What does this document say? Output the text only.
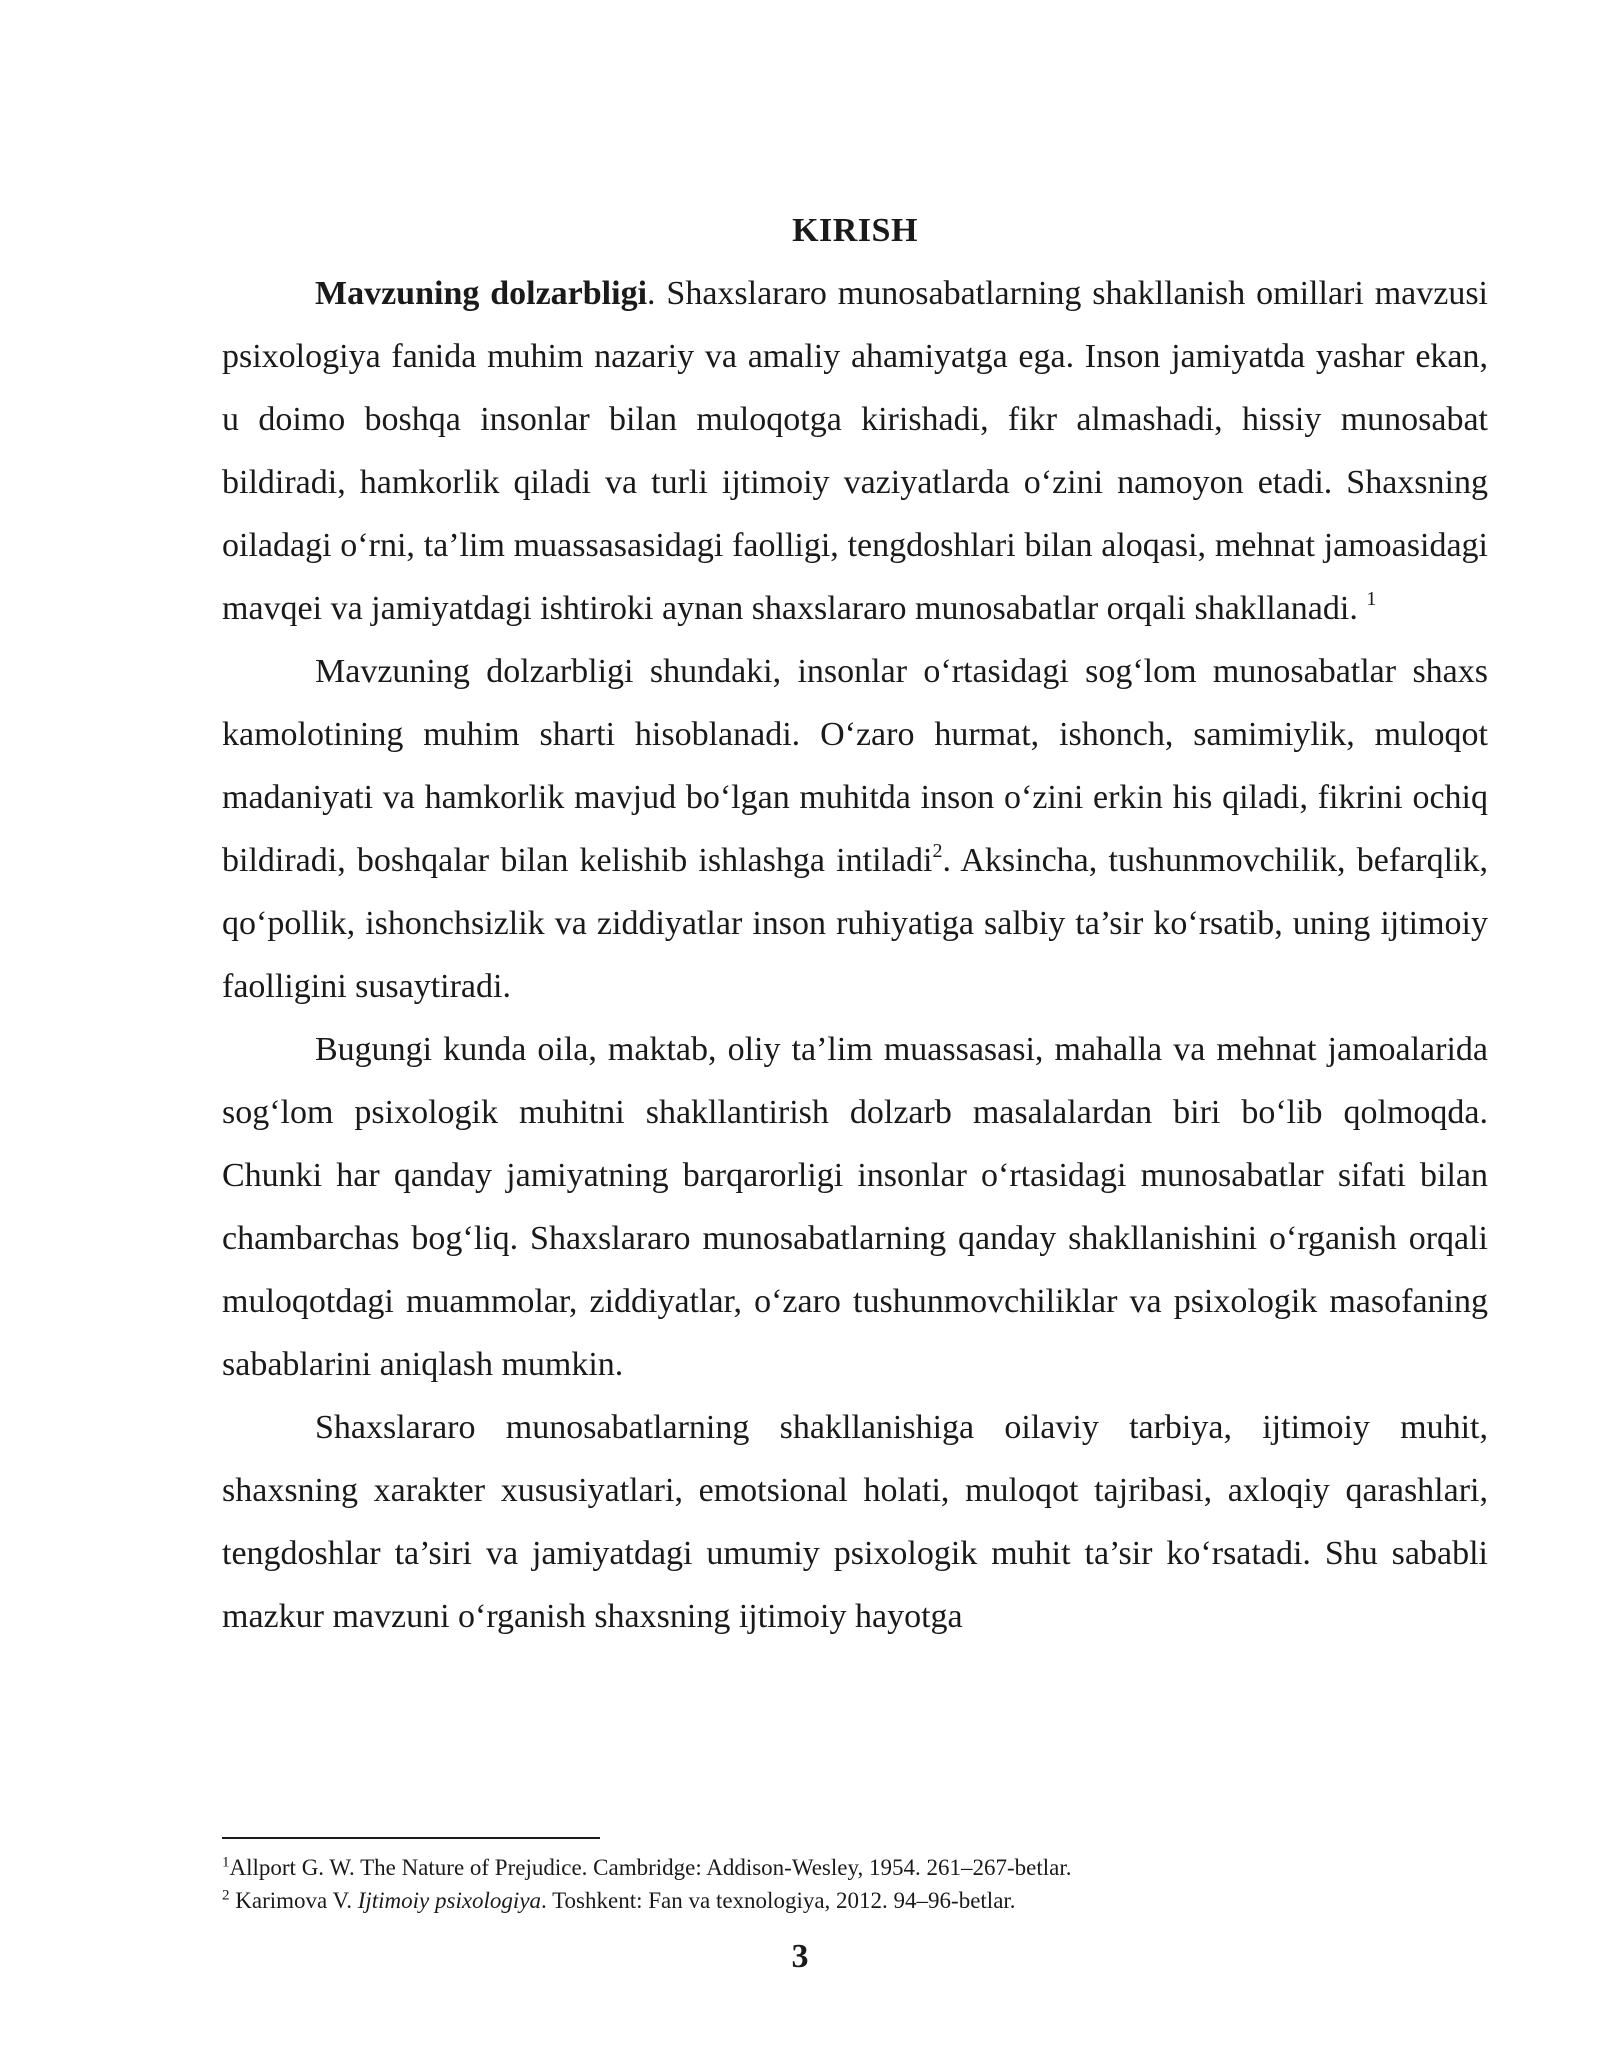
KIRISH

Mavzuning dolzarbligi. Shaxslararo munosabatlarning shakllanish omillari mavzusi psixologiya fanida muhim nazariy va amaliy ahamiyatga ega. Inson jamiyatda yashar ekan, u doimo boshqa insonlar bilan muloqotga kirishadi, fikr almashadi, hissiy munosabat bildiradi, hamkorlik qiladi va turli ijtimoiy vaziyatlarda o‘zini namoyon etadi. Shaxsning oiladagi o‘rni, ta’lim muassasasidagi faolligi, tengdoshlari bilan aloqasi, mehnat jamoasidagi mavqei va jamiyatdagi ishtiroki aynan shaxslararo munosabatlar orqali shakllanadi. $^1$

Mavzuning dolzarbligi shundaki, insonlar o‘rtasidagi sog‘lom munosabatlar shaxs kamolotining muhim sharti hisoblanadi. O‘zaro hurmat, ishonch, samimiylik, muloqot madaniyati va hamkorlik mavjud bo‘lgan muhitda inson o‘zini erkin his qiladi, fikrini ochiq bildiradi, boshqalar bilan kelishib ishlashga intiladi$^2$. Aksincha, tushunmovchilik, befarqlik, qo‘pollik, ishonchsizlik va ziddiyatlar inson ruhiyatiga salbiy ta’sir ko‘rsatib, uning ijtimoiy faolligini susaytiradi.

Bugungi kunda oila, maktab, oliy ta’lim muassasasi, mahalla va mehnat jamoalarida sog‘lom psixologik muhitni shakllantirish dolzarb masalalardan biri bo‘lib qolmoqda. Chunki har qanday jamiyatning barqarorligi insonlar o‘rtasidagi munosabatlar sifati bilan chambarchas bog‘liq. Shaxslararo munosabatlarning qanday shakllanishini o‘rganish orqali muloqotdagi muammolar, ziddiyatlar, o‘zaro tushunmovchiliklar va psixologik masofaning sabablarini aniqlash mumkin.

Shaxslararo munosabatlarning shakllanishiga oilaviy tarbiya, ijtimoiy muhit, shaxsning xarakter xususiyatlari, emotsional holati, muloqot tajribasi, axloqiy qarashlari, tengdoshlar ta’siri va jamiyatdagi umumiy psixologik muhit ta’sir ko‘rsatadi. Shu sababli mazkur mavzuni o‘rganish shaxsning ijtimoiy hayotga

$^1$Allport G. W. The Nature of Prejudice. Cambridge: Addison-Wesley, 1954. 261–267-betlar.

$^2$ Karimova V. Ijtimoiy psixologiya. Toshkent: Fan va texnologiya, 2012. 94–96-betlar.

3
